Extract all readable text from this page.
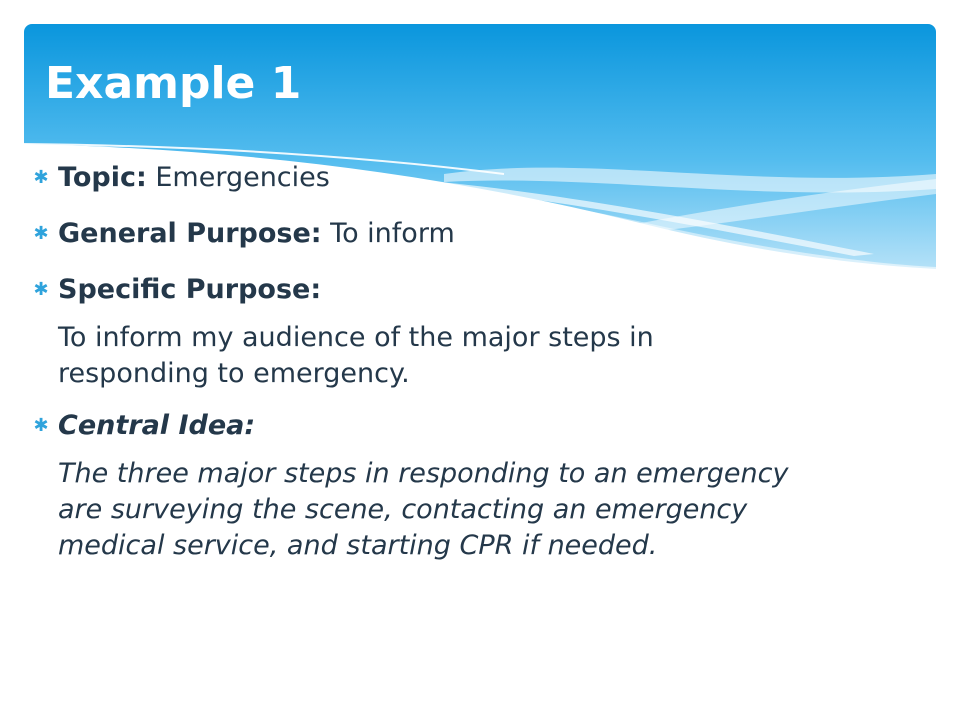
Example 1
✱ Topic: Emergencies
✱ General Purpose: To inform
✱ Specific Purpose:
To inform my audience of the major steps in
responding to emergency.
✱ Central Idea:
The three major steps in responding to an emergency
are surveying the scene, contacting an emergency
medical service, and starting CPR if needed.
